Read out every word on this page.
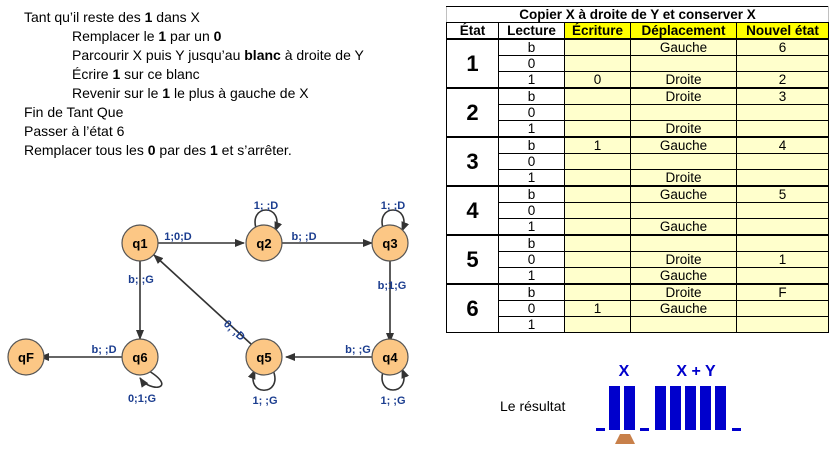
Tant qu’il reste des 1 dans X
Remplacer le 1 par un 0
Parcourir X puis Y jusqu’au blanc à droite de Y
Écrire 1 sur ce blanc
Revenir sur le 1 le plus à gauche de X
Fin de Tant Que
Passer à l’état 6
Remplacer tous les 0 par des 1 et s’arrêter.
Copier X à droite de Y et conserver X				
État	Lecture	Écriture	Déplacement	Nouvel état
1	b		Gauche	6
	0			
	1	0	Droite	2
2	b		Droite	3
	0			
	1		Droite	
3	b	1	Gauche	4
	0			
	1		Droite	
4	b		Gauche	5
	0			
	1		Gauche	
5	b			
	0		Droite	1
	1		Gauche	
6	b		Droite	F
	0	1	Gauche	
	1			
q1	q2	q3
q4
q5
q6
qF
1;0;D
1; ;D
b; ;D
1; ;D
b;1;G
b; ;G
1; ;G
1; ;G
0; ;D
b; ;G
0;1;G
b; ;D
Le résultat
X	X + Y
